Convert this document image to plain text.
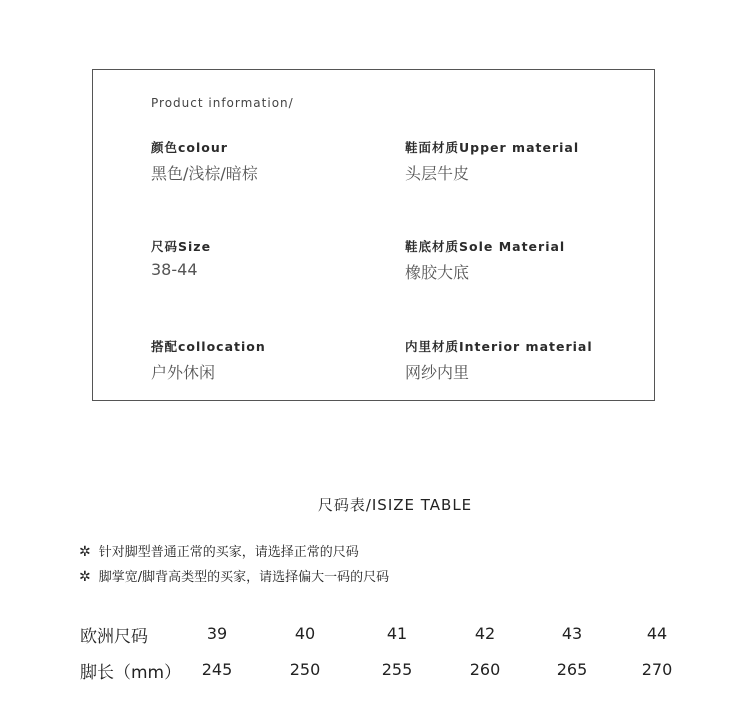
Product information/
颜色colour
黑色/浅棕/暗棕
鞋面材质Upper material
头层牛皮
尺码Size
38-44
鞋底材质Sole Material
橡胶大底
搭配collocation
户外休闲
内里材质Interior material
网纱内里
尺码表/ISIZE TABLE
✲ 针对脚型普通正常的买家，请选择正常的尺码
✲ 脚掌宽/脚背高类型的买家，请选择偏大一码的尺码
欧洲尺码	39	40	41	42	43	44
脚长（mm）	245	250	255	260	265	270
